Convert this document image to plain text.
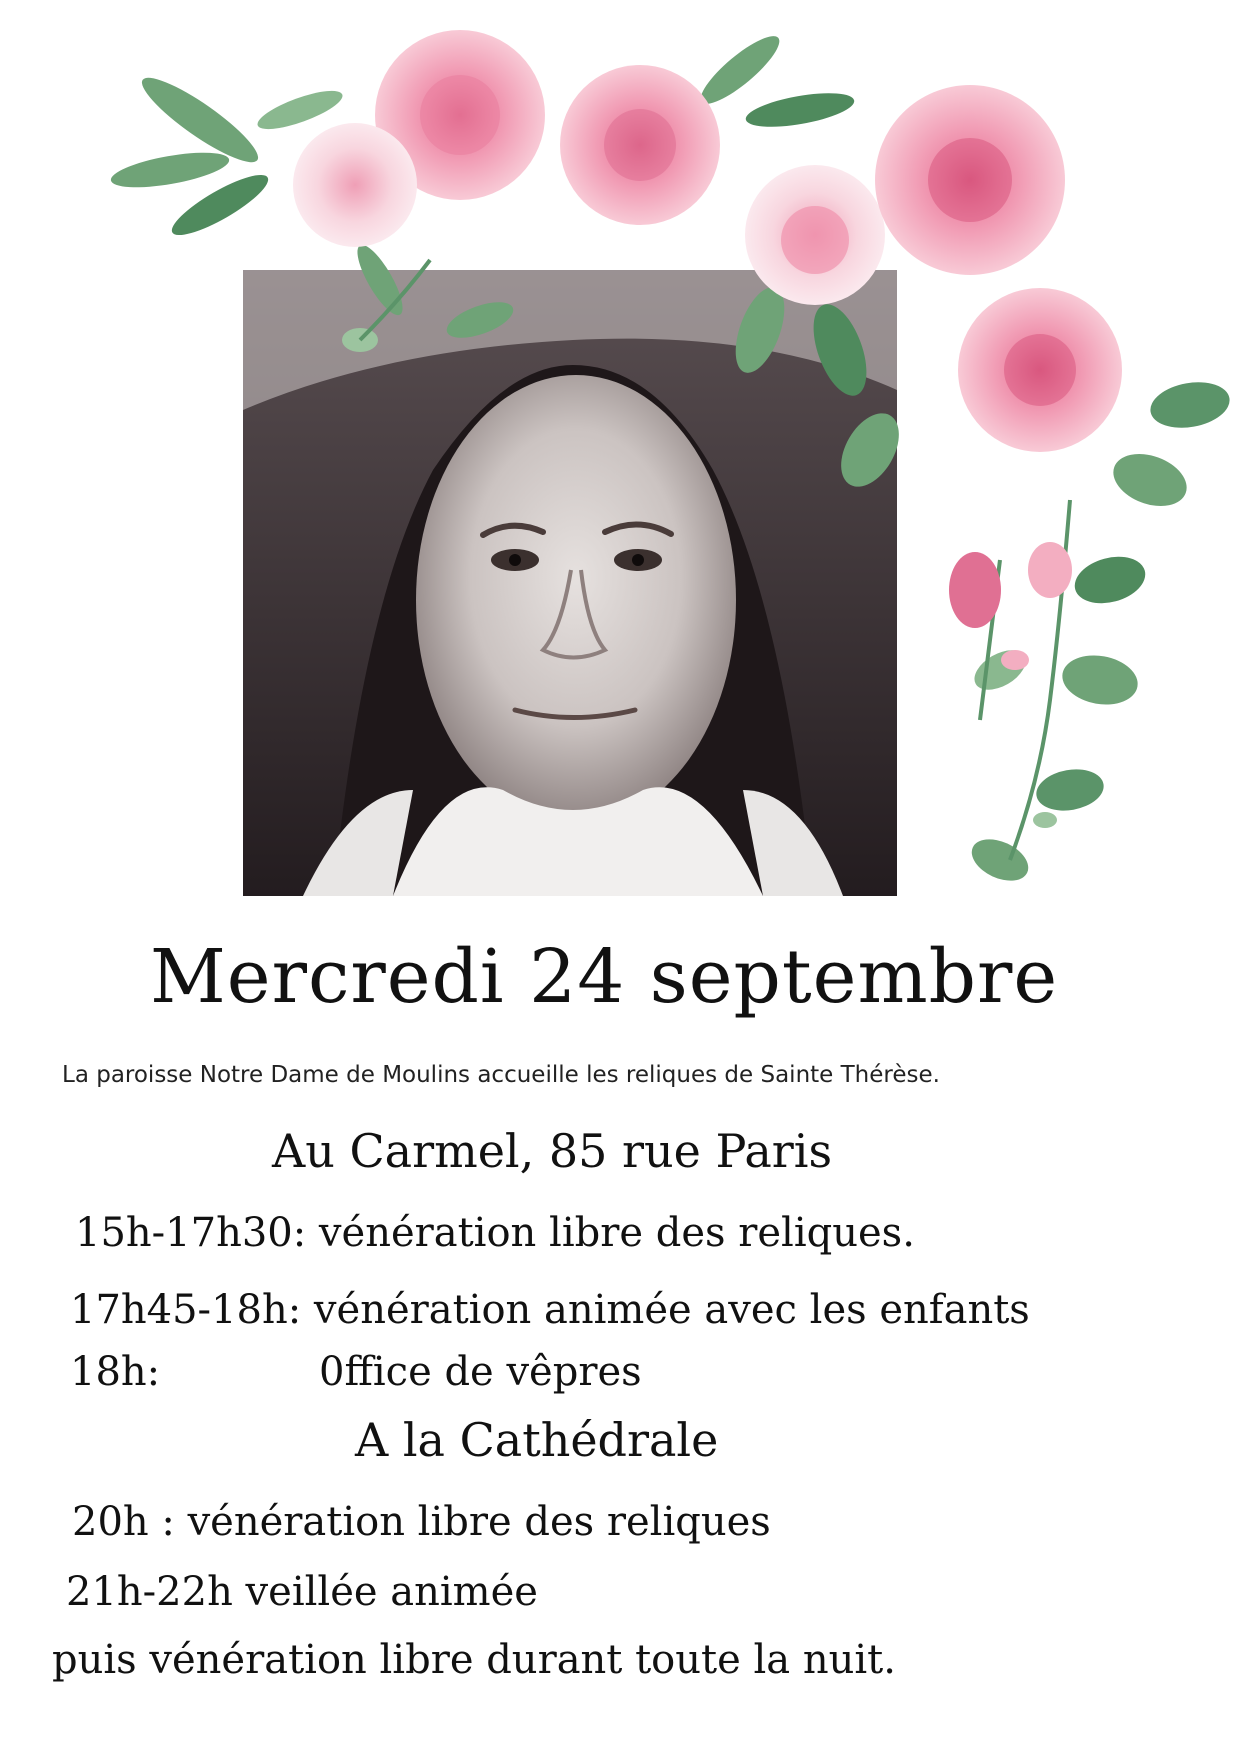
Mercredi 24 septembre
La paroisse Notre Dame de Moulins accueille les reliques de Sainte Thérèse.
Au Carmel, 85 rue Paris
15h-17h30: vénération libre des reliques.
17h45-18h: vénération animée avec les enfants
18h:	0ffice de vêpres
A la Cathédrale
20h : vénération libre des reliques
21h-22h veillée animée
puis vénération libre durant toute la nuit.
